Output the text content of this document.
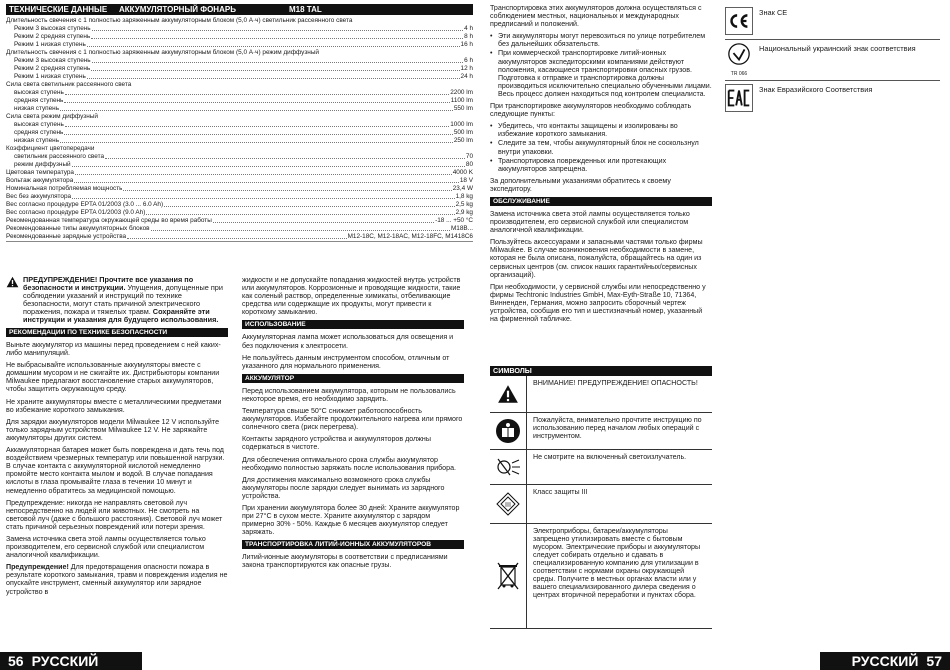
ТЕХНИЧЕСКИЕ ДАННЫЕ	АККУМУЛЯТОРНЫЙ ФОНАРЬ	M18 TAL
Длительность свечения с 1 полностью заряженным аккумуляторным блоком (5,0 А·ч) светильник рассеянного света
Режим 3 высокая ступень	4 h
Режим 2 средняя ступень	8 h
Режим 1 низкая ступень	16 h
Длительность свечения с 1 полностью заряженным аккумуляторным блоком (5,0 А·ч) режим диффузный
Режим 3 высокая ступень	6 h
Режим 2 средняя ступень	12 h
Режим 1 низкая ступень	24 h
Сила света светильник рассеянного света
высокая ступень	2200 lm
средняя ступень	1100 lm
низкая ступень	550 lm
Сила света режим диффузный
высокая ступень	1000 lm
средняя ступень	500 lm
низкая ступень	250 lm
Коэффициент цветопередачи
светильник рассеянного света	70
режим диффузный	80
Цветовая температура	4000 K
Вольтаж аккумулятора	18 V
Номинальная потребляемая мощность	23,4 W
Вес без аккумулятора	1,8 kg
Вес согласно процедуре EPTA 01/2003 (3.0 ... 6.0 Ah)	2,5 kg
Вес согласно процедуре EPTA 01/2003 (9.0 Ah)	2,9 kg
Рекомендованная температура окружающей среды во время работы	-18 ... +50 °C
Рекомендованные типы аккумуляторных блоков	M18B...
Рекомендованные зарядные устройства	M12-18C, M12-18AC, M12-18FC, M1418C6
ПРЕДУПРЕЖДЕНИЕ! Прочтите все указания по безопасности и инструкции. Упущения, допущенные при соблюдении указаний и инструкций по технике безопасности, могут стать причиной электрического поражения, пожара и тяжелых травм. Сохраняйте эти инструкции и указания для будущего использования.
РЕКОМЕНДАЦИИ ПО ТЕХНИКЕ БЕЗОПАСНОСТИ

Выньте аккумулятор из машины перед проведением с ней каких-либо манипуляций.

Не выбрасывайте использованные аккумуляторы вместе с домашним мусором и не сжигайте их. Дистрибьюторы компании Milwaukee предлагают восстановление старых аккумуляторов, чтобы защитить окружающую среду.

Не храните аккумуляторы вместе с металлическими предметами во избежание короткого замыкания.

Для зарядки аккумуляторов модели Milwaukee 12 V используйте только зарядным устройством Milwaukee 12 V. Не заряжайте аккумуляторы других систем.

Аккамуляторная батарея может быть повреждена и дать течь под воздействием чрезмерных температур или повышенной нагрузки. В случае контакта с аккумуляторной кислотой немедленно промойте место контакта мылом и водой. В случае попадания кислоты в глаза промывайте глаза в течении 10 минут и немедленно обратитесь за медицинской помощью.

Предупреждение: никогда не направлять световой луч непосредственно на людей или животных. Не смотреть на световой луч (даже с большого расстояния). Световой луч может стать причиной серьезных повреждений или потери зрения.

Замена источника света этой лампы осуществляется только производителем, его сервисной службой или специалистом аналогичной квалификации.

Предупреждение! Для предотвращения опасности пожара в результате короткого замыкания, травм и повреждения изделия не опускайте инструмент, сменный аккумулятор или зарядное устройство в

жидкости и не допускайте попадания жидкостей внутрь устройств или аккумуляторов. Коррозионные и проводящие жидкости, такие как соленый раствор, определенные химикаты, отбеливающие средства или содержащие их продукты, могут привести к короткому замыканию.

ИСПОЛЬЗОВАНИЕ

Аккумуляторная лампа может использоваться для освещения и без подключения к электросети.

Не пользуйтесь данным инструментом способом, отличным от указанного для нормального применения.

АККУМУЛЯТОР

Перед использованием аккумулятора, которым не пользовались некоторое время, его необходимо зарядить.

Температура свыше 50°C снижает работоспособность аккумуляторов. Избегайте продолжительного нагрева или прямого солнечного света (риск перегрева).

Контакты зарядного устройства и аккумуляторов должны содержаться в чистоте.

Для обеспечения оптимального срока службы аккумулятор необходимо полностью заряжать после использования прибора.

Для достижения максимально возможного срока службы аккумуляторы после зарядки следует вынимать из зарядного устройства.

При хранении аккумулятора более 30 дней: Храните аккумулятор при 27°C в сухом месте. Храните аккумулятор с зарядом примерно 30% - 50%. Каждые 6 месяцев аккумулятор следует заряжать.

ТРАНСПОРТИРОВКА ЛИТИЙ-ИОННЫХ АККУМУЛЯТОРОВ

Литий-ионные аккумуляторы в соответствии с предписаниями закона транспортируются как опасные грузы.

56 РУССКИЙ

Транспортировка этих аккумуляторов должна осуществляться с соблюдением местных, национальных и международных предписаний и положений.

• Эти аккумуляторы могут перевозиться по улице потребителем без дальнейших обязательств.
• При коммерческой транспортировке литий-ионных аккумуляторов экспедиторскими компаниями действуют положения, касающиеся транспортировки опасных грузов. Подготовка к отправке и транспортировка должны производиться исключительно специально обученными лицами. Весь процесс должен находиться под контролем специалиста.

При транспортировке аккумуляторов необходимо соблюдать следующие пункты:

• Убедитесь, что контакты защищены и изолированы во избежание короткого замыкания.
• Следите за тем, чтобы аккумуляторный блок не соскользнул внутри упаковки.
• Транспортировка поврежденных или протекающих аккумуляторов запрещена.

За дополнительными указаниями обратитесь к своему экспедитору.

ОБСЛУЖИВАНИЕ

Замена источника света этой лампы осуществляется только производителем, его сервисной службой или специалистом аналогичной квалификации.

Пользуйтесь аксессуарами и запасными частями только фирмы Milwaukee. В случае возникновения необходимости в замене, которая не была описана, пожалуйста, обращайтесь на один из сервисных центров (см. список наших гарантийных/сервисных организаций).

При необходимости, у сервисной службы или непосредственно у фирмы Techtronic Industries GmbH, Max-Eyth-Straße 10, 71364, Винненден, Германия, можно запросить сборочный чертеж устройства, сообщив его тип и шестизначный номер, указанный на фирменной табличке.

СИМВОЛЫ
ВНИМАНИЕ! ПРЕДУПРЕЖДЕНИЕ! ОПАСНОСТЬ!
Пожалуйста, внимательно прочтите инструкцию по использованию перед началом любых операций с инструментом.
Не смотрите на включенный светоизлучатель.
III
Класс защиты III
Электроприборы, батареи/аккумуляторы запрещено утилизировать вместе с бытовым мусором. Электрические приборы и аккумуляторы следует собирать отдельно и сдавать в специализированную компанию для утилизации в соответствии с нормами охраны окружающей среды. Получите в местных органах власти или у вашего специализированного дилера сведения о центрах вторичной переработки и пунктах сбора.
Знак CE
TR 066
Национальный украинский знак соответствия
Знак Евразийского Соответствия
РУССКИЙ 57
